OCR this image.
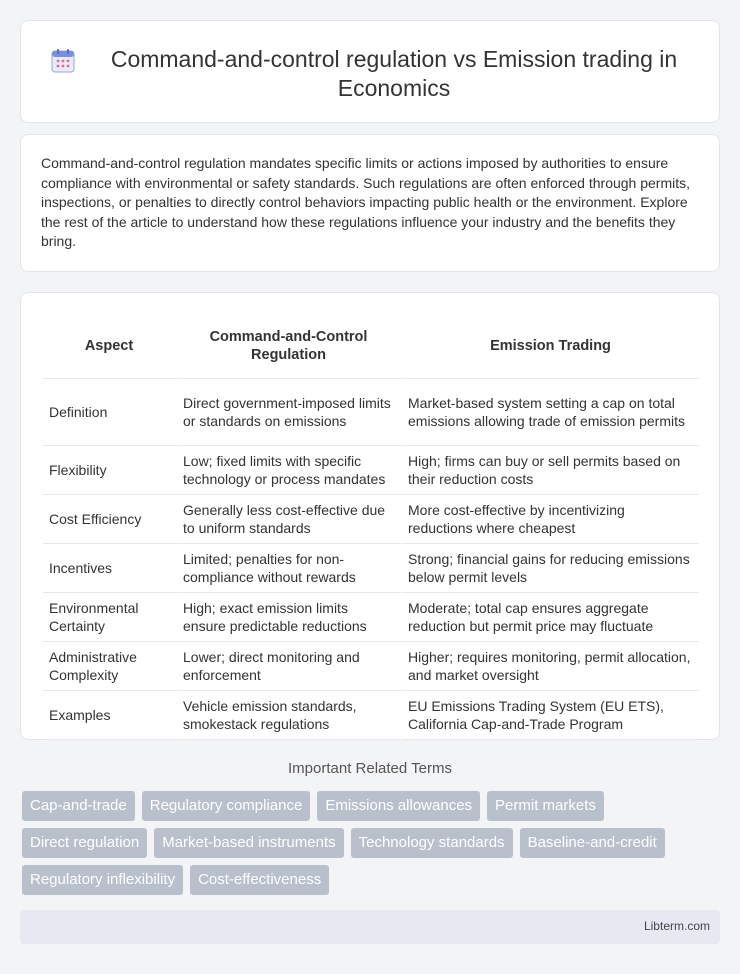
Command-and-control regulation vs Emission trading in Economics

Command-and-control regulation mandates specific limits or actions imposed by authorities to ensure compliance with environmental or safety standards. Such regulations are often enforced through permits, inspections, or penalties to directly control behaviors impacting public health or the environment. Explore the rest of the article to understand how these regulations influence your industry and the benefits they bring.

Aspect	Command-and-Control Regulation	Emission Trading
Definition	Direct government-imposed limits or standards on emissions	Market-based system setting a cap on total emissions allowing trade of emission permits
Flexibility	Low; fixed limits with specific technology or process mandates	High; firms can buy or sell permits based on their reduction costs
Cost Efficiency	Generally less cost-effective due to uniform standards	More cost-effective by incentivizing reductions where cheapest
Incentives	Limited; penalties for non-compliance without rewards	Strong; financial gains for reducing emissions below permit levels
Environmental Certainty	High; exact emission limits ensure predictable reductions	Moderate; total cap ensures aggregate reduction but permit price may fluctuate
Administrative Complexity	Lower; direct monitoring and enforcement	Higher; requires monitoring, permit allocation, and market oversight
Examples	Vehicle emission standards, smokestack regulations	EU Emissions Trading System (EU ETS), California Cap-and-Trade Program
Important Related Terms
Cap-and-trade	Regulatory compliance	Emissions allowances	Permit markets
Direct regulation	Market-based instruments	Technology standards	Baseline-and-credit
Regulatory inflexibility	Cost-effectiveness
Libterm.com
